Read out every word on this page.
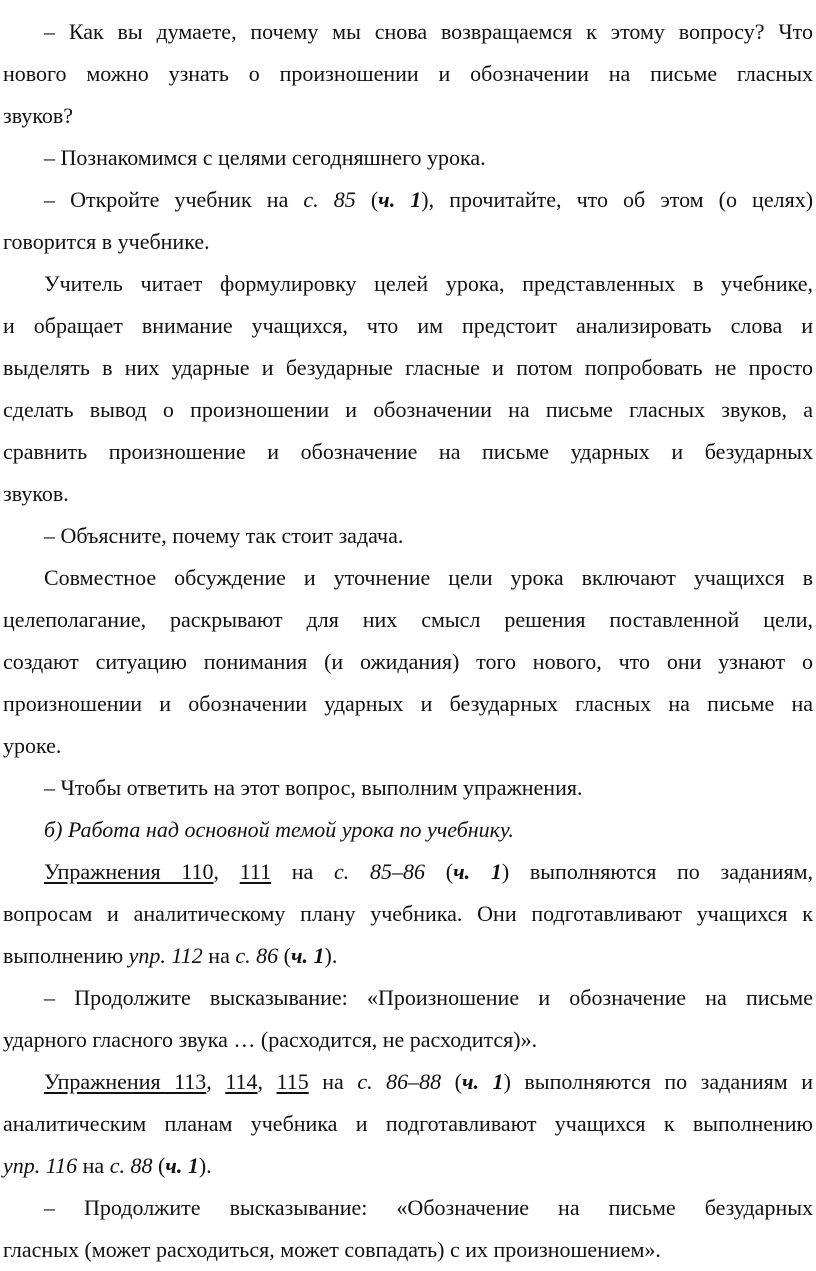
– Как вы думаете, почему мы снова возвращаемся к этому вопросу? Что
нового можно узнать о произношении и обозначении на письме гласных
звуков?
– Познакомимся с целями сегодняшнего урока.
– Откройте учебник на с. 85 (ч. 1), прочитайте, что об этом (о целях)
говорится в учебнике.
Учитель читает формулировку целей урока, представленных в учебнике,
и обращает внимание учащихся, что им предстоит анализировать слова и
выделять в них ударные и безударные гласные и потом попробовать не просто
сделать вывод о произношении и обозначении на письме гласных звуков, а
сравнить произношение и обозначение на письме ударных и безударных
звуков.
– Объясните, почему так стоит задача.
Совместное обсуждение и уточнение цели урока включают учащихся в
целеполагание, раскрывают для них смысл решения поставленной цели,
создают ситуацию понимания (и ожидания) того нового, что они узнают о
произношении и обозначении ударных и безударных гласных на письме на
уроке.
– Чтобы ответить на этот вопрос, выполним упражнения.
б) Работа над основной темой урока по учебнику.
Упражнения 110, 111 на с. 85–86 (ч. 1) выполняются по заданиям,
вопросам и аналитическому плану учебника. Они подготавливают учащихся к
выполнению упр. 112 на с. 86 (ч. 1).
– Продолжите высказывание: «Произношение и обозначение на письме
ударного гласного звука … (расходится, не расходится)».
Упражнения 113, 114, 115 на с. 86–88 (ч. 1) выполняются по заданиям и
аналитическим планам учебника и подготавливают учащихся к выполнению
упр. 116 на с. 88 (ч. 1).
– Продолжите высказывание: «Обозначение на письме безударных
гласных (может расходиться, может совпадать) с их произношением».
